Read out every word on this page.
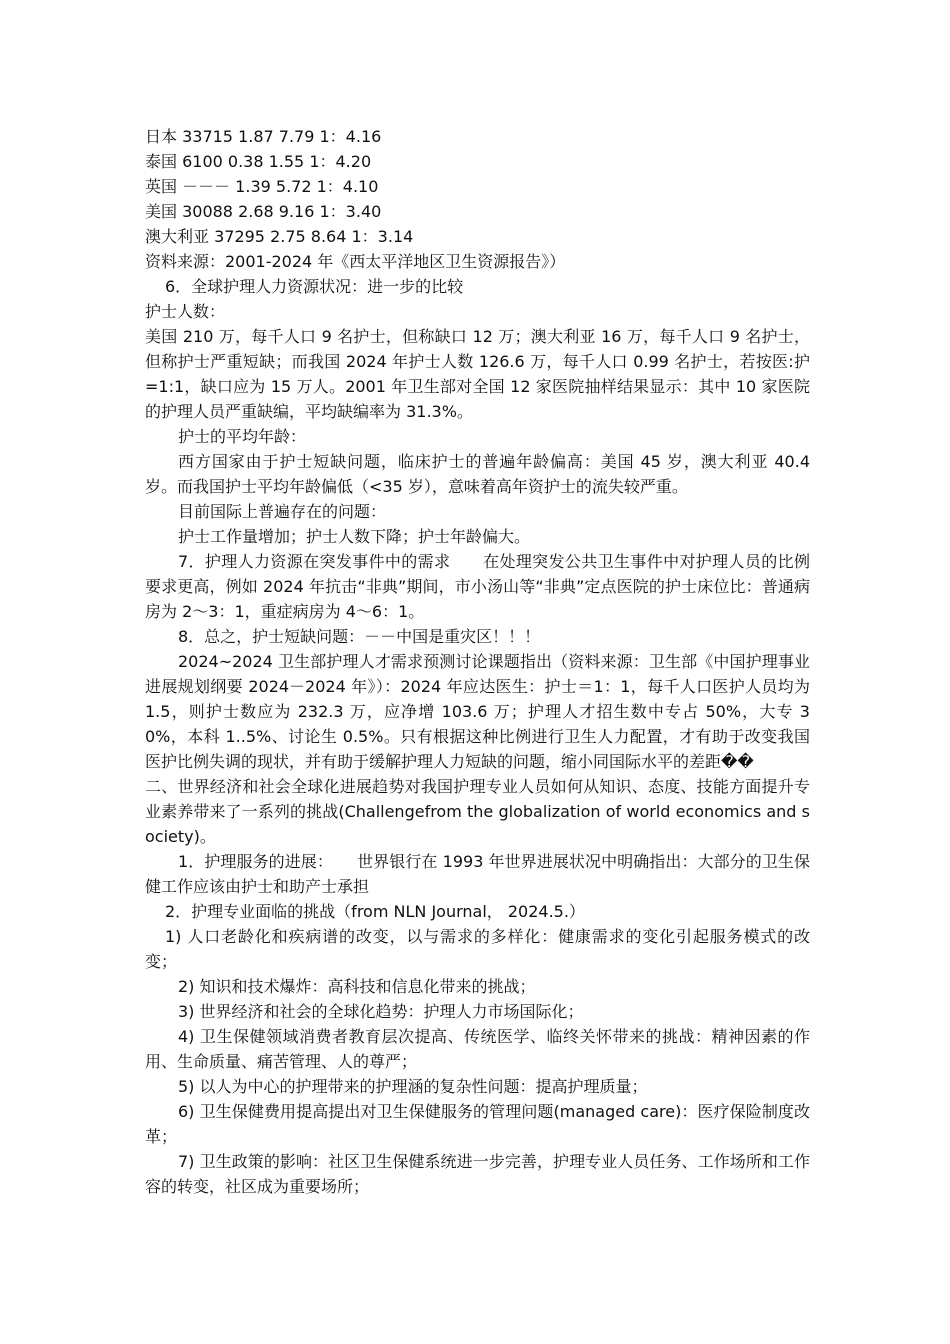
日本 33715 1.87 7.79 1：4.16
泰国 6100 0.38 1.55 1：4.20
英国 －－－ 1.39 5.72 1：4.10
美国 30088 2.68 9.16 1：3.40
澳大利亚 37295 2.75 8.64 1：3.14
资料来源：2001-2024 年《西太平洋地区卫生资源报告》）

6．全球护理人力资源状况：进一步的比较

护士人数：

美国 210 万，每千人口 9 名护士，但称缺口 12 万；澳大利亚 16 万，每千人口 9 名护士，但称护士严重短缺；而我国 2024 年护士人数 126.6 万，每千人口 0.99 名护士，若按医:护=1:1，缺口应为 15 万人。2001 年卫生部对全国 12 家医院抽样结果显示：其中 10 家医院的护理人员严重缺编，平均缺编率为 31.3%。

护士的平均年龄：

西方国家由于护士短缺问题，临床护士的普遍年龄偏高：美国 45 岁，澳大利亚 40.4 岁。而我国护士平均年龄偏低（<35 岁），意味着高年资护士的流失较严重。

目前国际上普遍存在的问题：

护士工作量增加；护士人数下降；护士年龄偏大。

7．护理人力资源在突发事件中的需求　　在处理突发公共卫生事件中对护理人员的比例要求更高，例如 2024 年抗击“非典”期间，市小汤山等“非典”定点医院的护士床位比：普通病房为 2～3：1，重症病房为 4～6：1。

8．总之，护士短缺问题：－－中国是重灾区！！！

2024~2024 卫生部护理人才需求预测讨论课题指出（资料来源：卫生部《中国护理事业进展规划纲要 2024－2024 年》）：2024 年应达医生：护士＝1：1，每千人口医护人员均为 1.5，则护士数应为 232.3 万，应净增 103.6 万；护理人才招生数中专占 50%，大专 30%，本科 1..5%、讨论生 0.5%。只有根据这种比例进行卫生人力配置，才有助于改变我国医护比例失调的现状，并有助于缓解护理人力短缺的问题，缩小同国际水平的差距��

二、世界经济和社会全球化进展趋势对我国护理专业人员如何从知识、态度、技能方面提升专业素养带来了一系列的挑战(Challengefrom the globalization of world economics and society)。

1．护理服务的进展：　　世界银行在 1993 年世界进展状况中明确指出：大部分的卫生保健工作应该由护士和助产士承担

2．护理专业面临的挑战（from NLN Journal， 2024.5.）

1) 人口老龄化和疾病谱的改变，以与需求的多样化：健康需求的变化引起服务模式的改变；

2) 知识和技术爆炸：高科技和信息化带来的挑战；

3) 世界经济和社会的全球化趋势：护理人力市场国际化；

4) 卫生保健领域消费者教育层次提高、传统医学、临终关怀带来的挑战：精神因素的作用、生命质量、痛苦管理、人的尊严；

5) 以人为中心的护理带来的护理涵的复杂性问题：提高护理质量；

6) 卫生保健费用提高提出对卫生保健服务的管理问题(managed care)：医疗保险制度改革；

7) 卫生政策的影响：社区卫生保健系统进一步完善，护理专业人员任务、工作场所和工作容的转变，社区成为重要场所；
